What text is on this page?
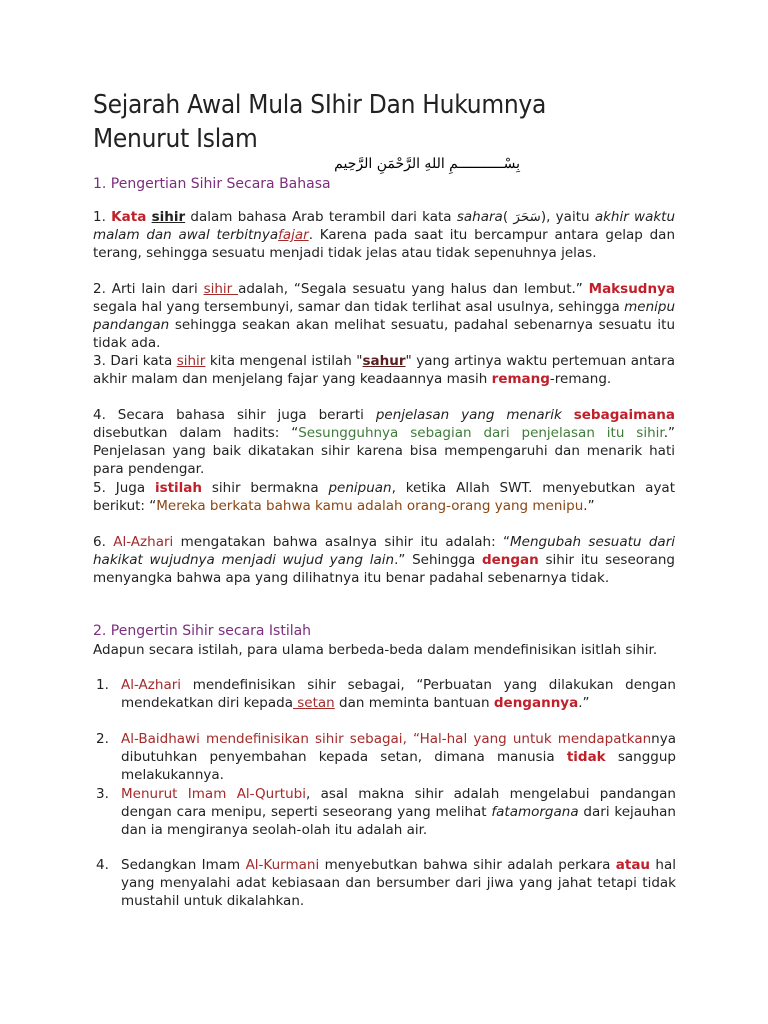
Sejarah Awal Mula SIhir Dan Hukumnya Menurut Islam
بِسْـــــــــــمِ اللهِ الرَّحْمَنِ الرَّحِيم
1. Pengertian Sihir Secara Bahasa

1. Kata sihir dalam bahasa Arab terambil dari kata sahara( سَحَرَ), yaitu akhir waktu malam dan awal terbitnyafajar. Karena pada saat itu bercampur antara gelap dan terang, sehingga sesuatu menjadi tidak jelas atau tidak sepenuhnya jelas.

2. Arti lain dari sihir adalah, “Segala sesuatu yang halus dan lembut.” Maksudnya segala hal yang tersembunyi, samar dan tidak terlihat asal usulnya, sehingga menipu pandangan sehingga seakan akan melihat sesuatu, padahal sebenarnya sesuatu itu tidak ada.

3. Dari kata sihir kita mengenal istilah "sahur" yang artinya waktu pertemuan antara akhir malam dan menjelang fajar yang keadaannya masih remang-remang.

4. Secara bahasa sihir juga berarti penjelasan yang menarik sebagaimana disebutkan dalam hadits: “Sesungguhnya sebagian dari penjelasan itu sihir.” Penjelasan yang baik dikatakan sihir karena bisa mempengaruhi dan menarik hati para pendengar.

5. Juga istilah sihir bermakna penipuan, ketika Allah SWT. menyebutkan ayat berikut: “Mereka berkata bahwa kamu adalah orang-orang yang menipu.”

6. Al-Azhari mengatakan bahwa asalnya sihir itu adalah: “Mengubah sesuatu dari hakikat wujudnya menjadi wujud yang lain.” Sehingga dengan sihir itu seseorang menyangka bahwa apa yang dilihatnya itu benar padahal sebenarnya tidak.

2. Pengertin Sihir secara Istilah

Adapun secara istilah, para ulama berbeda-beda dalam mendefinisikan isitlah sihir.

1. Al-Azhari mendefinisikan sihir sebagai, “Perbuatan yang dilakukan dengan mendekatkan diri kepada setan dan meminta bantuan dengannya.”
2. Al-Baidhawi mendefinisikan sihir sebagai, “Hal-hal yang untuk mendapatkannya dibutuhkan penyembahan kepada setan, dimana manusia tidak sanggup melakukannya.
3. Menurut Imam Al-Qurtubi, asal makna sihir adalah mengelabui pandangan dengan cara menipu, seperti seseorang yang melihat fatamorgana dari kejauhan dan ia mengiranya seolah-olah itu adalah air.
4. Sedangkan Imam Al-Kurmani menyebutkan bahwa sihir adalah perkara atau hal yang menyalahi adat kebiasaan dan bersumber dari jiwa yang jahat tetapi tidak mustahil untuk dikalahkan.
